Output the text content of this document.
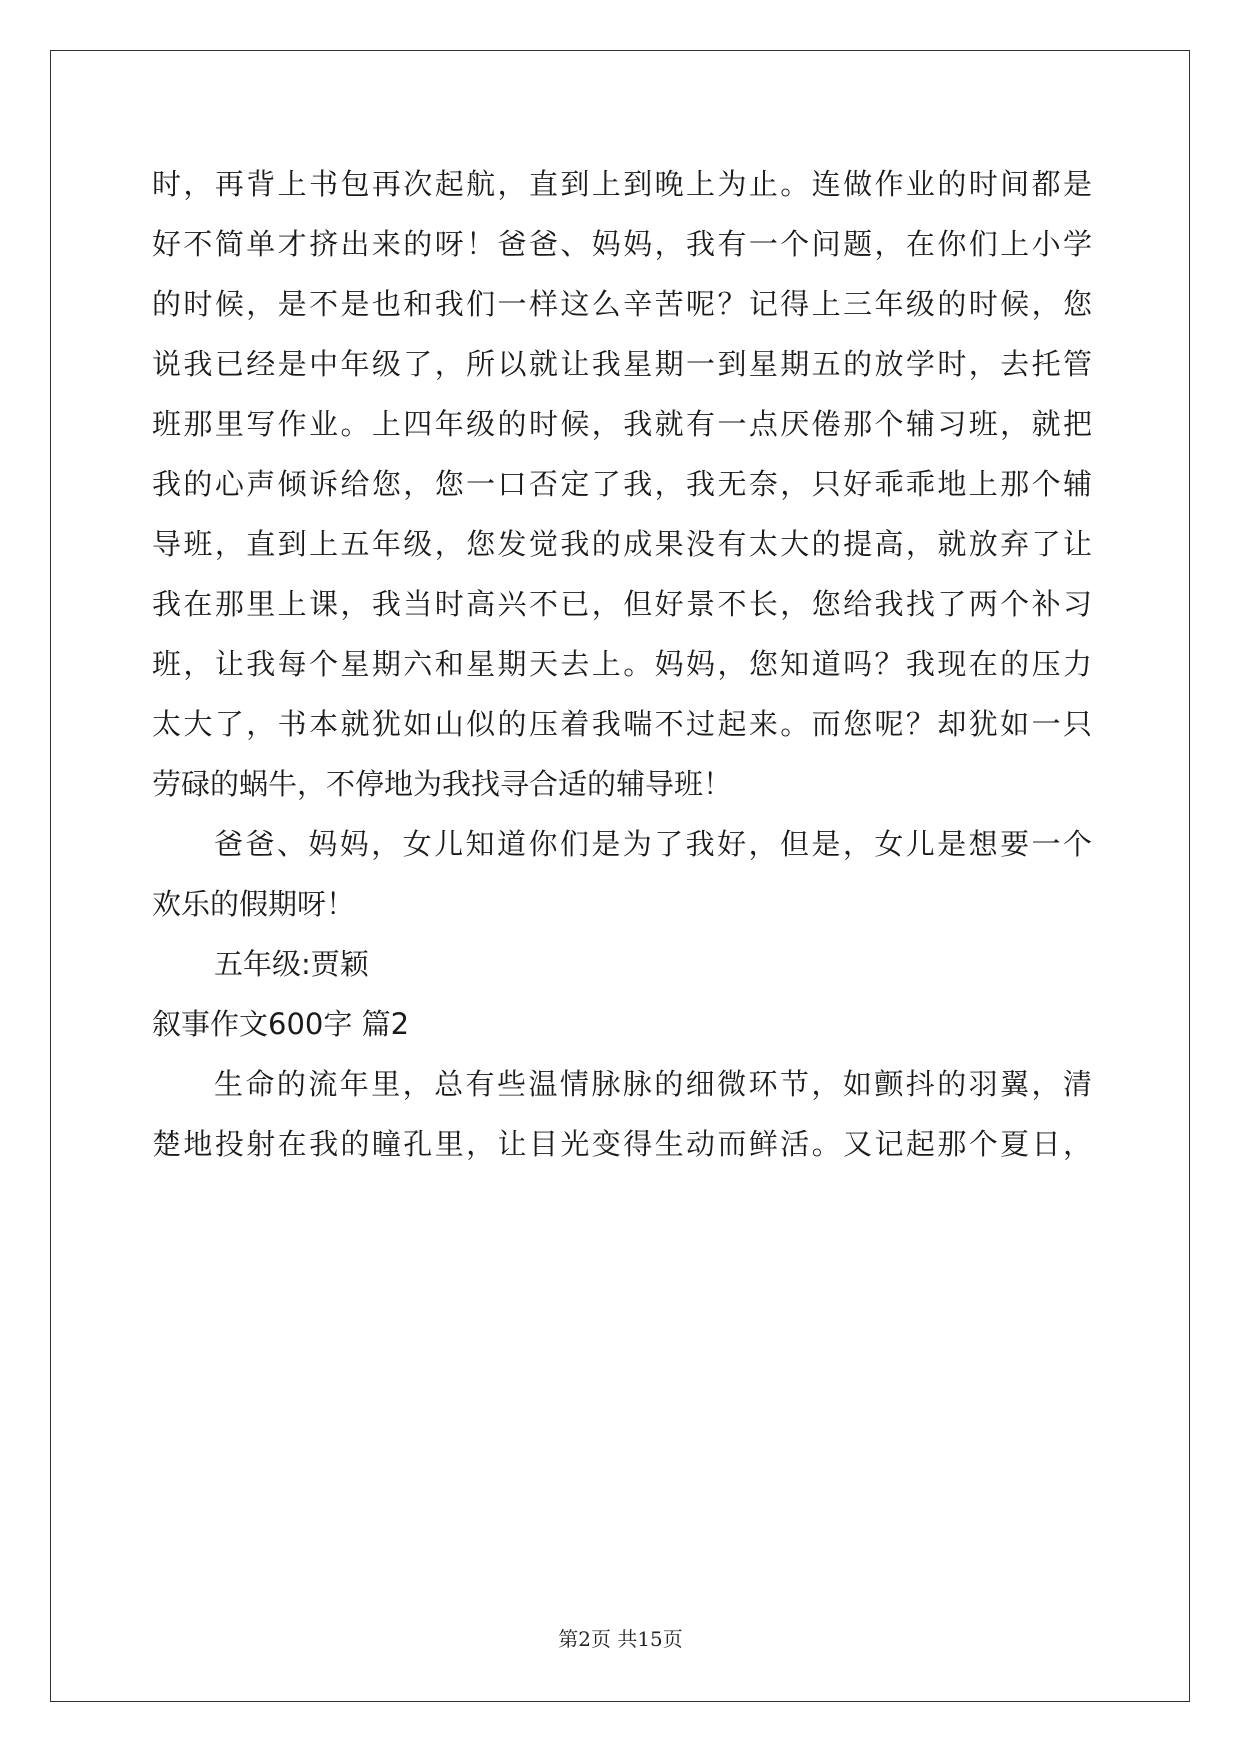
时，再背上书包再次起航，直到上到晚上为止。连做作业的时间都是
好不简单才挤出来的呀！爸爸、妈妈，我有一个问题，在你们上小学
的时候，是不是也和我们一样这么辛苦呢？记得上三年级的时候，您
说我已经是中年级了，所以就让我星期一到星期五的放学时，去托管
班那里写作业。上四年级的时候，我就有一点厌倦那个辅习班，就把
我的心声倾诉给您，您一口否定了我，我无奈，只好乖乖地上那个辅
导班，直到上五年级，您发觉我的成果没有太大的提高，就放弃了让
我在那里上课，我当时高兴不已，但好景不长，您给我找了两个补习
班，让我每个星期六和星期天去上。妈妈，您知道吗？我现在的压力
太大了，书本就犹如山似的压着我喘不过起来。而您呢？却犹如一只
劳碌的蜗牛，不停地为我找寻合适的辅导班！
爸爸、妈妈，女儿知道你们是为了我好，但是，女儿是想要一个
欢乐的假期呀！
五年级:贾颖
叙事作文600字 篇2
生命的流年里，总有些温情脉脉的细微环节，如颤抖的羽翼，清
楚地投射在我的瞳孔里，让目光变得生动而鲜活。又记起那个夏日，
第2页 共15页
